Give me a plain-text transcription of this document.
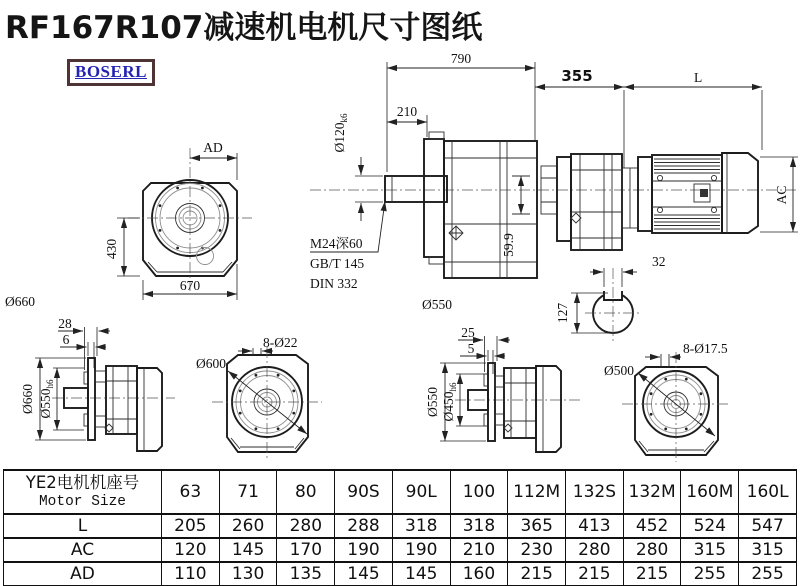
RF167R107减速机电机尺寸图纸
BOSERL
AD
430
670
Ø660
59.9
790
210
$Ø120_{k6}$
M24深60
GB/T 145
DIN 332
355	L
AC
Ø550
32
127
28
6
Ø660 $Ø550_{h6}$
Ø600
8-Ø22
25
5
Ø550 $Ø450_{h6}$
Ø500
8-Ø17.5
YE2电机机座号
Motor Size	63	71	80	90S	90L	100	112M	132S	132M	160M	160L
L	205	260	280	288	318	318	365	413	452	524	547
AC	120	145	170	190	190	210	230	280	280	315	315
AD	110	130	135	145	145	160	215	215	215	255	255
